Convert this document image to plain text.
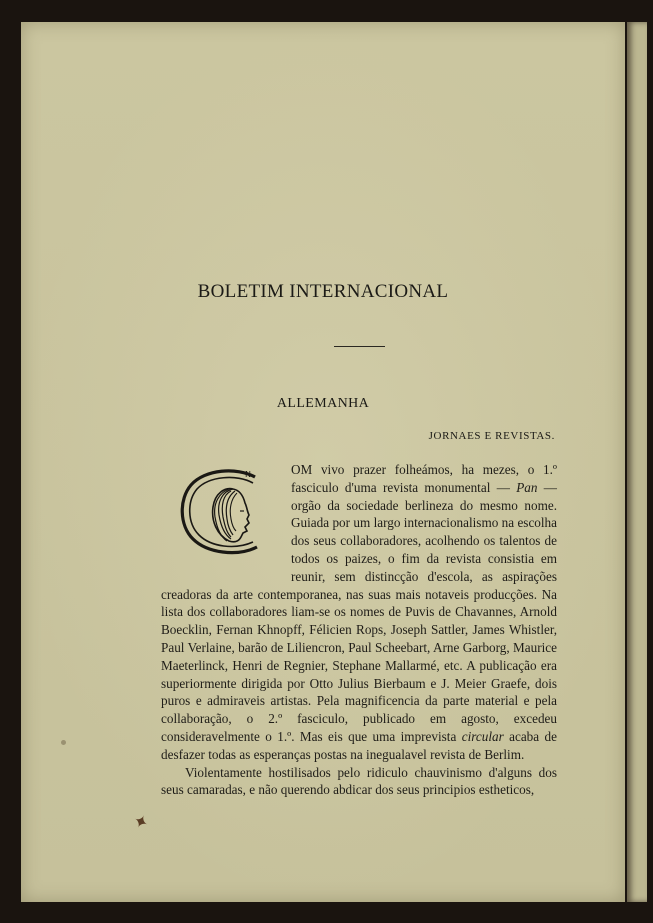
BOLETIM INTERNACIONAL
ALLEMANHA
JORNAES E REVISTAS.
N	OM vivo prazer folheámos, ha mezes, o 1.º fasciculo d'uma revista monumental — Pan — orgão da sociedade berlineza do mesmo nome. Guiada por um largo internacionalismo na escolha dos seus collaboradores, acolhendo os talentos de todos os paizes, o fim da revista consistia em reunir, sem distincção d'escola, as aspirações creadoras da arte contemporanea, nas suas mais notaveis producções. Na lista dos collaboradores liam-se os nomes de Puvis de Chavannes, Arnold Boecklin, Fernan Khnopff, Félicien Rops, Joseph Sattler, James Whistler, Paul Verlaine, barão de Liliencron, Paul Scheebart, Arne Garborg, Maurice Maeterlinck, Henri de Regnier, Stephane Mallarmé, etc. A publicação era superiormente dirigida por Otto Julius Bierbaum e J. Meier Graefe, dois puros e admiraveis artistas. Pela magnificencia da parte material e pela collaboração, o 2.º fasciculo, publicado em agosto, excedeu consideravelmente o 1.º. Mas eis que uma imprevista circular acaba de desfazer todas as esperanças postas na inegualavel revista de Berlim.

Violentamente hostilisados pelo ridiculo chauvinismo d'alguns dos seus camaradas, e não querendo abdicar dos seus principios estheticos,

✦
